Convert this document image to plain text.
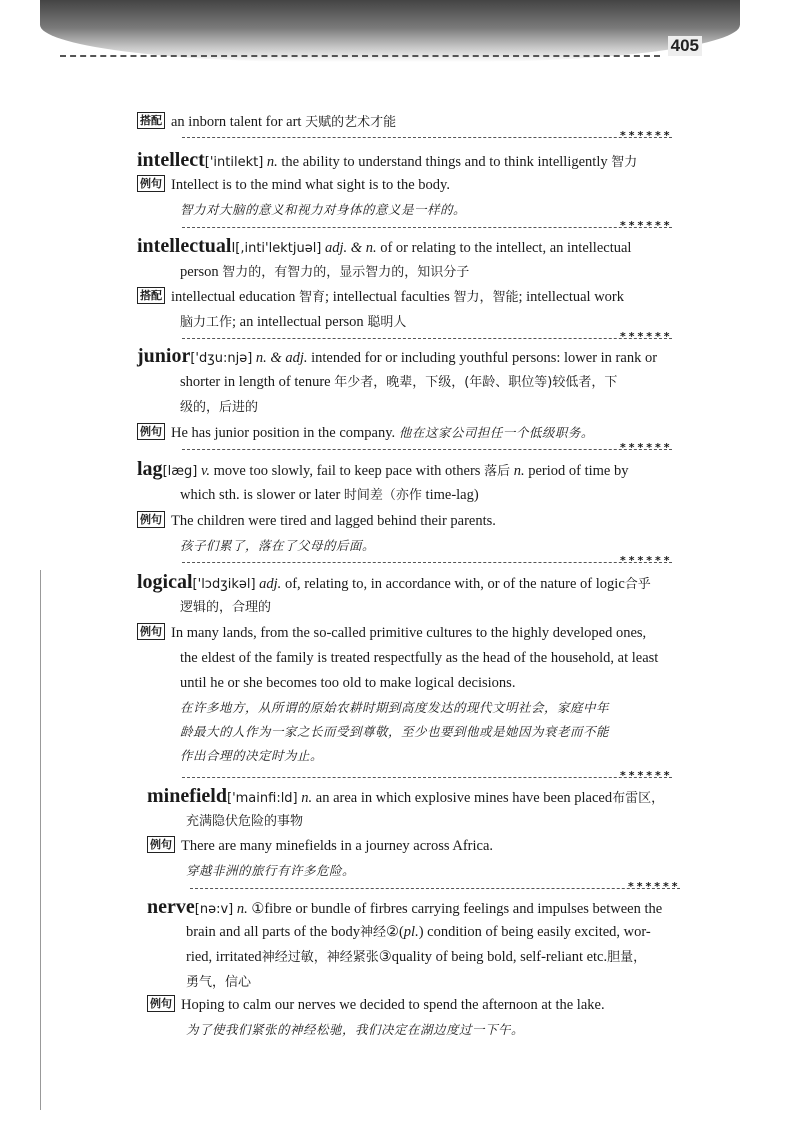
405
搭配 an inborn talent for art 天赋的艺术才能
******
intellect['intilekt] n. the ability to understand things and to think intelligently 智力
例句 Intellect is to the mind what sight is to the body.
智力对大脑的意义和视力对身体的意义是一样的。
******
intellectualI[,inti'lektjuəl] adj. & n. of or relating to the intellect, an intellectual
person 智力的，有智力的，显示智力的，知识分子
搭配 intellectual education 智育; intellectual faculties 智力，智能; intellectual work
脑力工作; an intellectual person 聪明人
******
junior['dʒu:njə] n. & adj. intended for or including youthful persons: lower in rank or
shorter in length of tenure 年少者，晚辈，下级，(年龄、职位等)较低者，下
级的，后进的
例句 He has junior position in the company. 他在这家公司担任一个低级职务。
******
lag[læg] v. move too slowly, fail to keep pace with others 落后 n. period of time by
which sth. is slower or later 时间差（亦作 time-lag)
例句 The children were tired and lagged behind their parents.
孩子们累了，落在了父母的后面。
******
logical['lɔdʒikəl] adj. of, relating to, in accordance with, or of the nature of logic合乎
逻辑的，合理的
例句 In many lands, from the so-called primitive cultures to the highly developed ones,
the eldest of the family is treated respectfully as the head of the household, at least
until he or she becomes too old to make logical decisions.
在许多地方，从所谓的原始农耕时期到高度发达的现代文明社会，家庭中年
龄最大的人作为一家之长而受到尊敬，至少也要到他或是她因为衰老而不能
作出合理的决定时为止。
******
minefield['mainfi:ld] n. an area in which explosive mines have been placed布雷区，
充满隐伏危险的事物
例句 There are many minefields in a journey across Africa.
穿越非洲的旅行有许多危险。
******
nerve[nə:v] n. ①fibre or bundle of firbres carrying feelings and impulses between the
brain and all parts of the body神经②(pl.) condition of being easily excited, wor-
ried, irritated神经过敏，神经紧张③quality of being bold, self-reliant etc.胆量，
勇气，信心
例句 Hoping to calm our nerves we decided to spend the afternoon at the lake.
为了使我们紧张的神经松驰，我们决定在湖边度过一下午。
